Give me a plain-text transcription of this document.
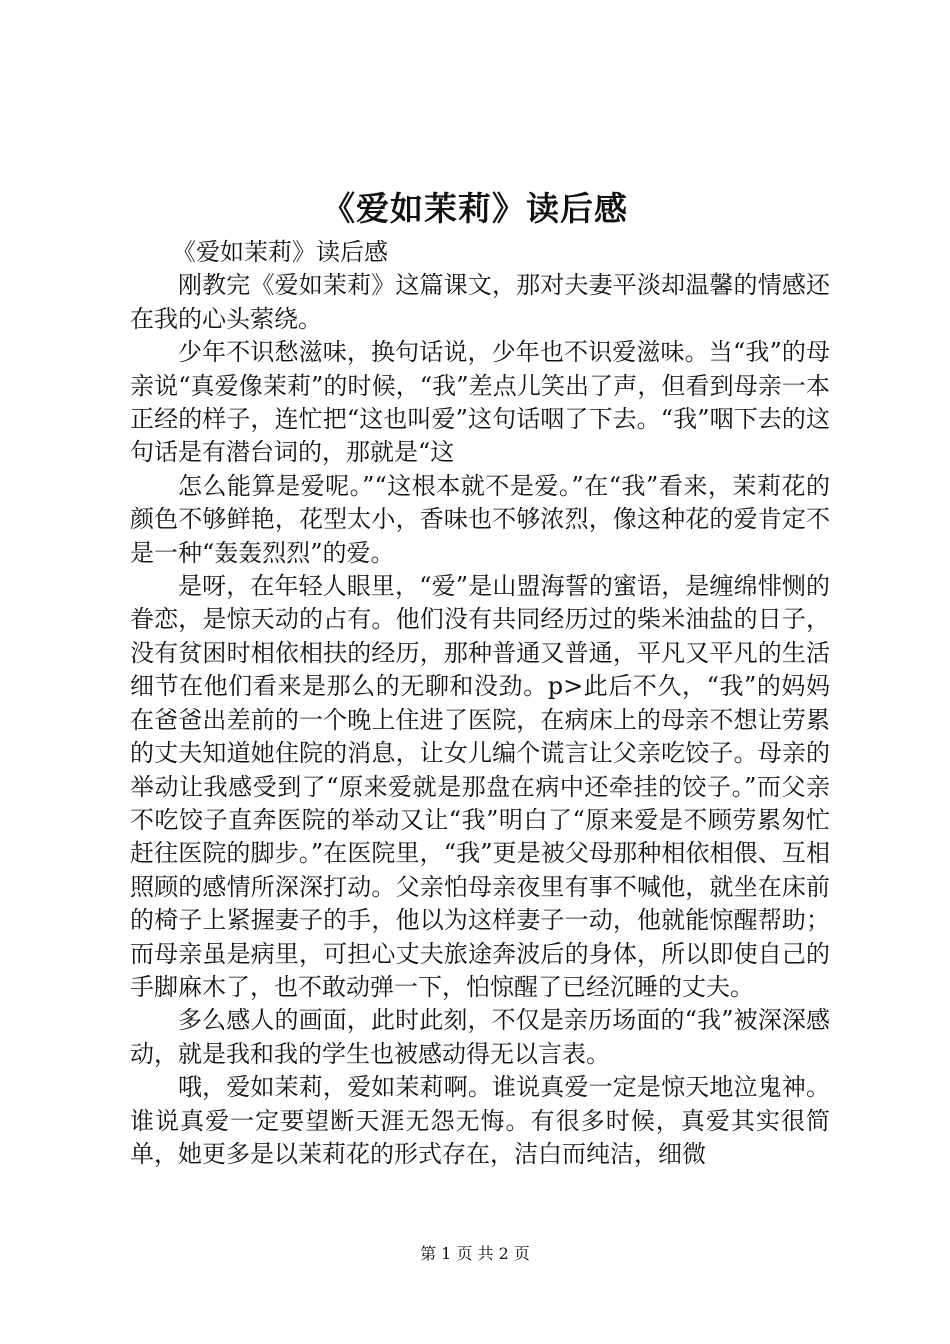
《爱如茉莉》读后感

《爱如茉莉》读后感

刚教完《爱如茉莉》这篇课文，那对夫妻平淡却温馨的情感还在我的心头萦绕。

少年不识愁滋味，换句话说，少年也不识爱滋味。当“我”的母亲说“真爱像茉莉”的时候，“我”差点儿笑出了声，但看到母亲一本正经的样子，连忙把“这也叫爱”这句话咽了下去。“我”咽下去的这句话是有潜台词的，那就是“这

怎么能算是爱呢。”“这根本就不是爱。”在“我”看来，茉莉花的颜色不够鲜艳，花型太小，香味也不够浓烈，像这种花的爱肯定不是一种“轰轰烈烈”的爱。

是呀，在年轻人眼里，“爱”是山盟海誓的蜜语，是缠绵悱恻的眷恋，是惊天动的占有。他们没有共同经历过的柴米油盐的日子，没有贫困时相依相扶的经历，那种普通又普通，平凡又平凡的生活细节在他们看来是那么的无聊和没劲。p>此后不久，“我”的妈妈在爸爸出差前的一个晚上住进了医院，在病床上的母亲不想让劳累的丈夫知道她住院的消息，让女儿编个谎言让父亲吃饺子。母亲的举动让我感受到了“原来爱就是那盘在病中还牵挂的饺子。”而父亲不吃饺子直奔医院的举动又让“我”明白了“原来爱是不顾劳累匆忙赶往医院的脚步。”在医院里，“我”更是被父母那种相依相偎、互相照顾的感情所深深打动。父亲怕母亲夜里有事不喊他，就坐在床前的椅子上紧握妻子的手，他以为这样妻子一动，他就能惊醒帮助；而母亲虽是病里，可担心丈夫旅途奔波后的身体，所以即使自己的手脚麻木了，也不敢动弹一下，怕惊醒了已经沉睡的丈夫。

多么感人的画面，此时此刻，不仅是亲历场面的“我”被深深感动，就是我和我的学生也被感动得无以言表。

哦，爱如茉莉，爱如茉莉啊。谁说真爱一定是惊天地泣鬼神。谁说真爱一定要望断天涯无怨无悔。有很多时候，真爱其实很简单，她更多是以茉莉花的形式存在，洁白而纯洁，细微

第 1 页 共 2 页
